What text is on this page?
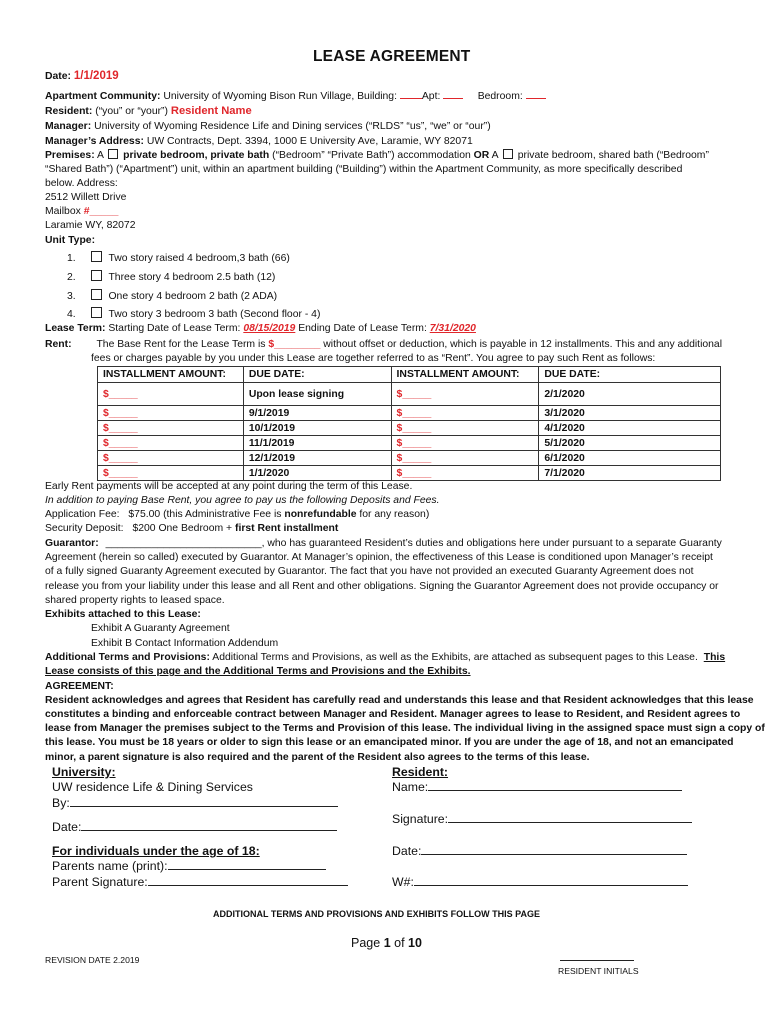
LEASE AGREEMENT
Date: 1/1/2019
Apartment Community: University of Wyoming Bison Run Village, Building: Apt:	Bedroom:
Resident: (“you” or “your”) Resident Name
Manager: University of Wyoming Residence Life and Dining services (“RLDS” “us”, “we” or “our”)
Manager’s Address: UW Contracts, Dept. 3394, 1000 E University Ave, Laramie, WY 82071
Premises: A private bedroom, private bath (“Bedroom” “Private Bath”) accommodation OR A private bedroom, shared bath (“Bedroom”
“Shared Bath”) (“Apartment”) unit, within an apartment building (“Building”) within the Apartment Community, as more specifically described
below. Address:
2512 Willett Drive
Mailbox #_____
Laramie WY, 82072
Unit Type:
1.	Two story raised 4 bedroom,3 bath (66)
2.	Three story 4 bedroom 2.5 bath (12)
3.	One story 4 bedroom 2 bath (2 ADA)
4.	Two story 3 bedroom 3 bath (Second floor - 4)
Lease Term: Starting Date of Lease Term: 08/15/2019 Ending Date of Lease Term: 7/31/2020
Rent: The Base Rent for the Lease Term is $________ without offset or deduction, which is payable in 12 installments. This and any additional
fees or charges payable by you under this Lease are together referred to as “Rent”. You agree to pay such Rent as follows:
INSTALLMENT AMOUNT:	DUE DATE:	INSTALLMENT AMOUNT:	DUE DATE:
$_____	Upon lease signing	$_____	2/1/2020
$_____	9/1/2019	$_____	3/1/2020
$_____	10/1/2019	$_____	4/1/2020
$_____	11/1/2019	$_____	5/1/2020
$_____	12/1/2019	$_____	6/1/2020
$_____	1/1/2020	$_____	7/1/2020
Early Rent payments will be accepted at any point during the term of this Lease.
In addition to paying Base Rent, you agree to pay us the following Deposits and Fees.
Application Fee: $75.00 (this Administrative Fee is nonrefundable for any reason)
Security Deposit: $200 One Bedroom + first Rent installment
Guarantor: ___________________________, who has guaranteed Resident’s duties and obligations here under pursuant to a separate Guaranty
Agreement (herein so called) executed by Guarantor. At Manager’s opinion, the effectiveness of this Lease is conditioned upon Manager’s receipt
of a fully signed Guaranty Agreement executed by Guarantor. The fact that you have not provided an executed Guaranty Agreement does not
release you from your liability under this lease and all Rent and other obligations. Signing the Guarantor Agreement does not provide occupancy or
shared property rights to leased space.
Exhibits attached to this Lease:
Exhibit A Guaranty Agreement
Exhibit B Contact Information Addendum
Additional Terms and Provisions: Additional Terms and Provisions, as well as the Exhibits, are attached as subsequent pages to this Lease. This
Lease consists of this page and the Additional Terms and Provisions and the Exhibits.
AGREEMENT:
Resident acknowledges and agrees that Resident has carefully read and understands this lease and that Resident acknowledges that this lease
constitutes a binding and enforceable contract between Manager and Resident. Manager agrees to lease to Resident, and Resident agrees to
lease from Manager the premises subject to the Terms and Provision of this lease. The individual living in the assigned space must sign a copy of
this lease. You must be 18 years or older to sign this lease or an emancipated minor. If you are under the age of 18, and not an emancipated
minor, a parent signature is also required and the parent of the Resident also agrees to the terms of this lease.
University:
UW residence Life & Dining Services
By:
Date:
For individuals under the age of 18:
Parents name (print):
Parent Signature:
Resident:
Name:
Signature:
Date:
W#:
ADDITIONAL TERMS AND PROVISIONS AND EXHIBITS FOLLOW THIS PAGE
Page 1 of 10
REVISION DATE 2.2019
RESIDENT INITIALS
